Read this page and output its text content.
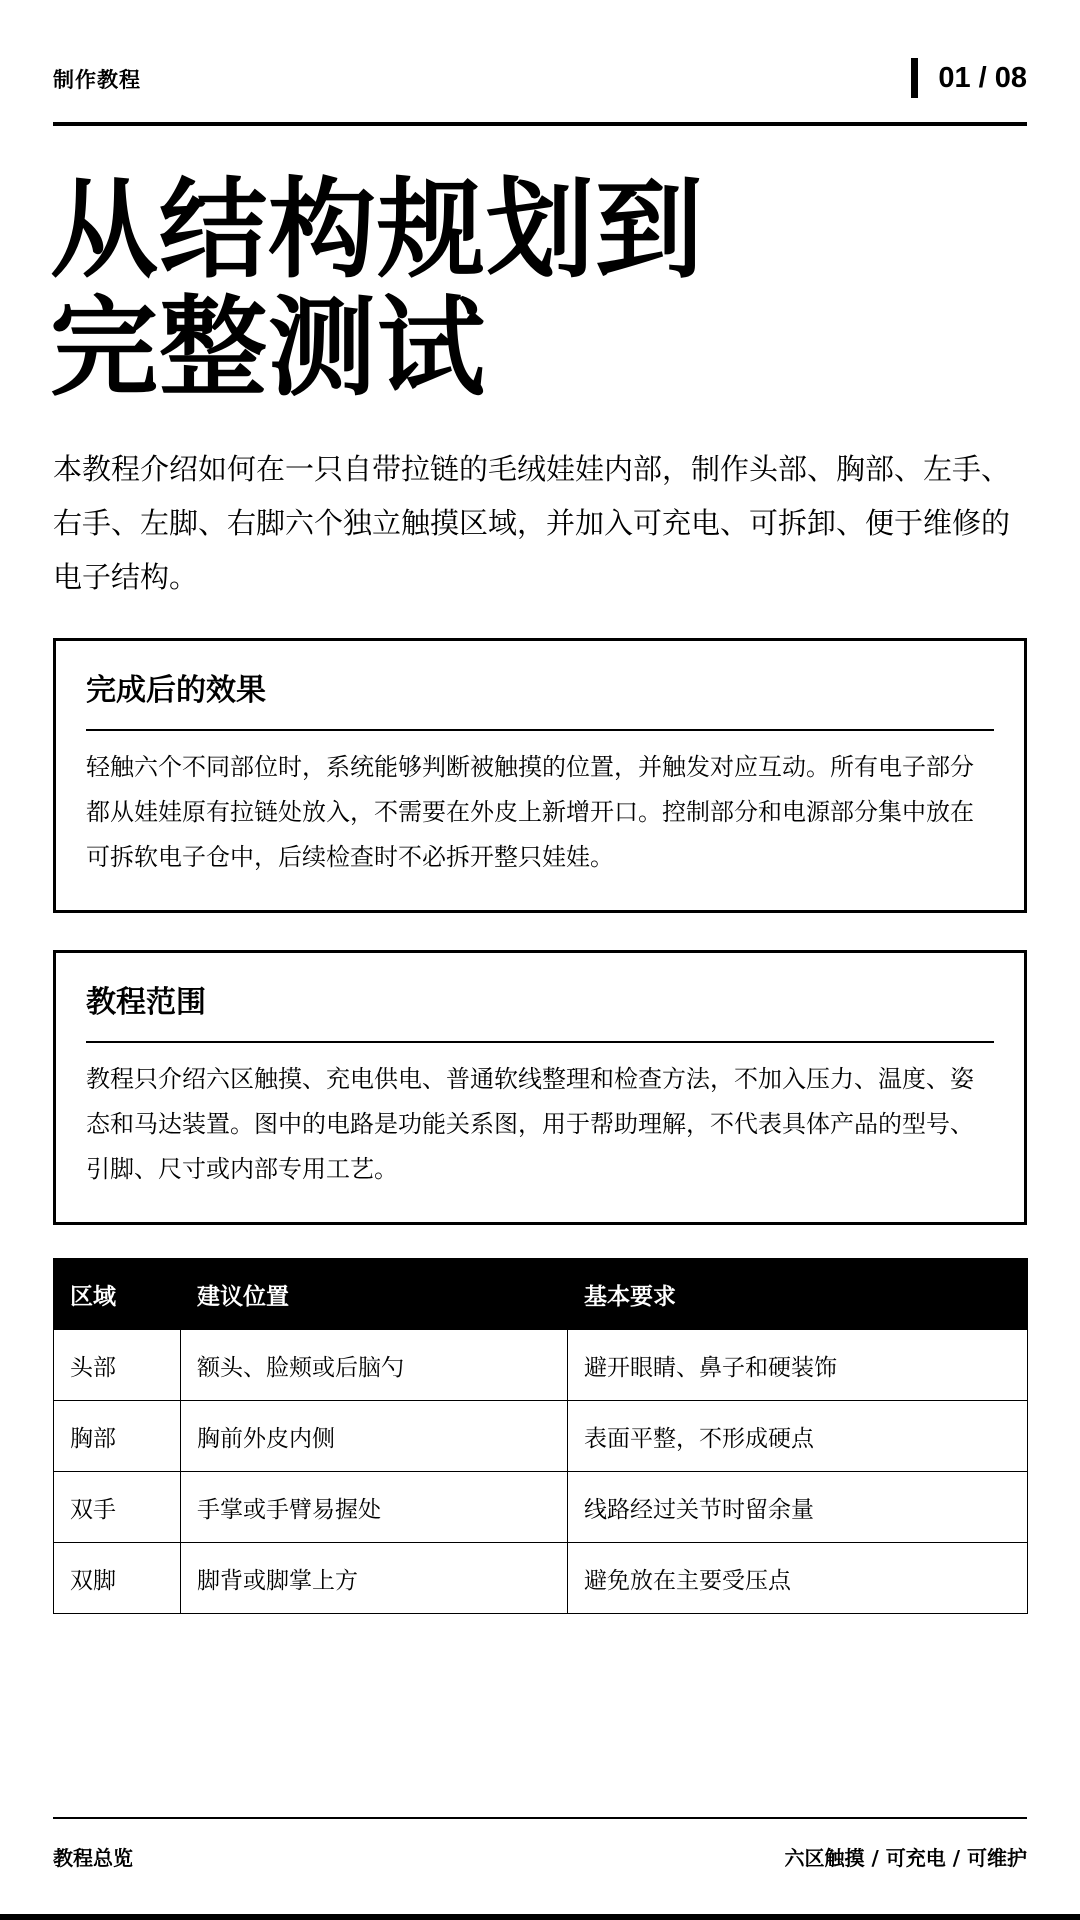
制作教程	01 / 08
从结构规划到
完整测试

本教程介绍如何在一只自带拉链的毛绒娃娃内部，制作头部、胸部、左手、右手、左脚、右脚六个独立触摸区域，并加入可充电、可拆卸、便于维修的电子结构。

完成后的效果
轻触六个不同部位时，系统能够判断被触摸的位置，并触发对应互动。所有电子部分都从娃娃原有拉链处放入，不需要在外皮上新增开口。控制部分和电源部分集中放在可拆软电子仓中，后续检查时不必拆开整只娃娃。
教程范围
教程只介绍六区触摸、充电供电、普通软线整理和检查方法，不加入压力、温度、姿态和马达装置。图中的电路是功能关系图，用于帮助理解，不代表具体产品的型号、引脚、尺寸或内部专用工艺。
区域	建议位置	基本要求
头部	额头、脸颊或后脑勺	避开眼睛、鼻子和硬装饰
胸部	胸前外皮内侧	表面平整，不形成硬点
双手	手掌或手臂易握处	线路经过关节时留余量
双脚	脚背或脚掌上方	避免放在主要受压点
教程总览	六区触摸 / 可充电 / 可维护
